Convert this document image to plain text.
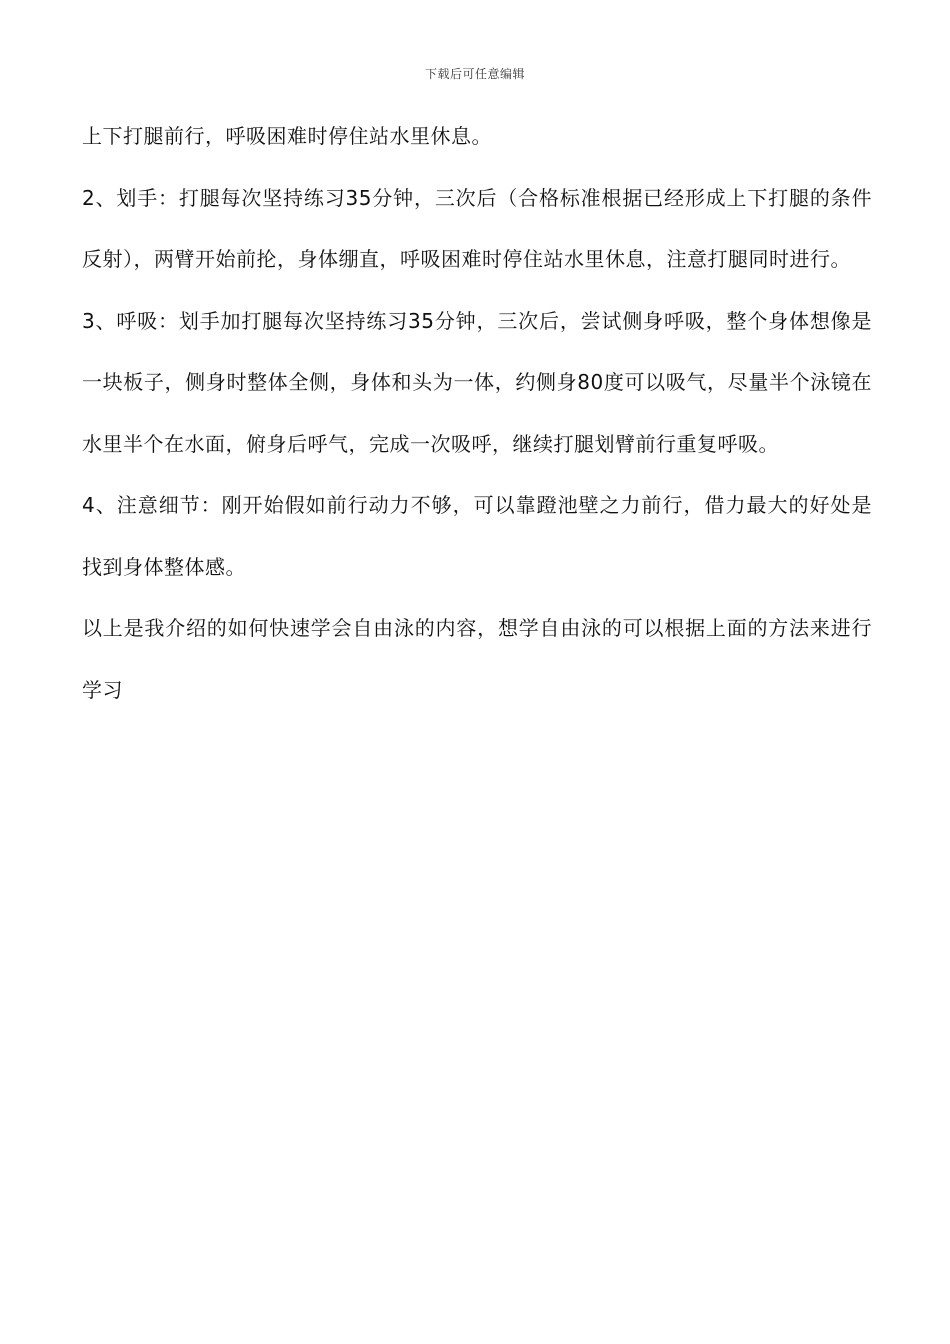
下载后可任意编辑

上下打腿前行，呼吸困难时停住站水里休息。

2、划手：打腿每次坚持练习35分钟，三次后（合格标准根据已经形成上下打腿的条件反射），两臂开始前抡，身体绷直，呼吸困难时停住站水里休息，注意打腿同时进行。

3、呼吸：划手加打腿每次坚持练习35分钟，三次后，尝试侧身呼吸，整个身体想像是一块板子，侧身时整体全侧，身体和头为一体，约侧身80度可以吸气，尽量半个泳镜在水里半个在水面，俯身后呼气，完成一次吸呼，继续打腿划臂前行重复呼吸。

4、注意细节：刚开始假如前行动力不够，可以靠蹬池壁之力前行，借力最大的好处是找到身体整体感。

以上是我介绍的如何快速学会自由泳的内容，想学自由泳的可以根据上面的方法来进行学习
